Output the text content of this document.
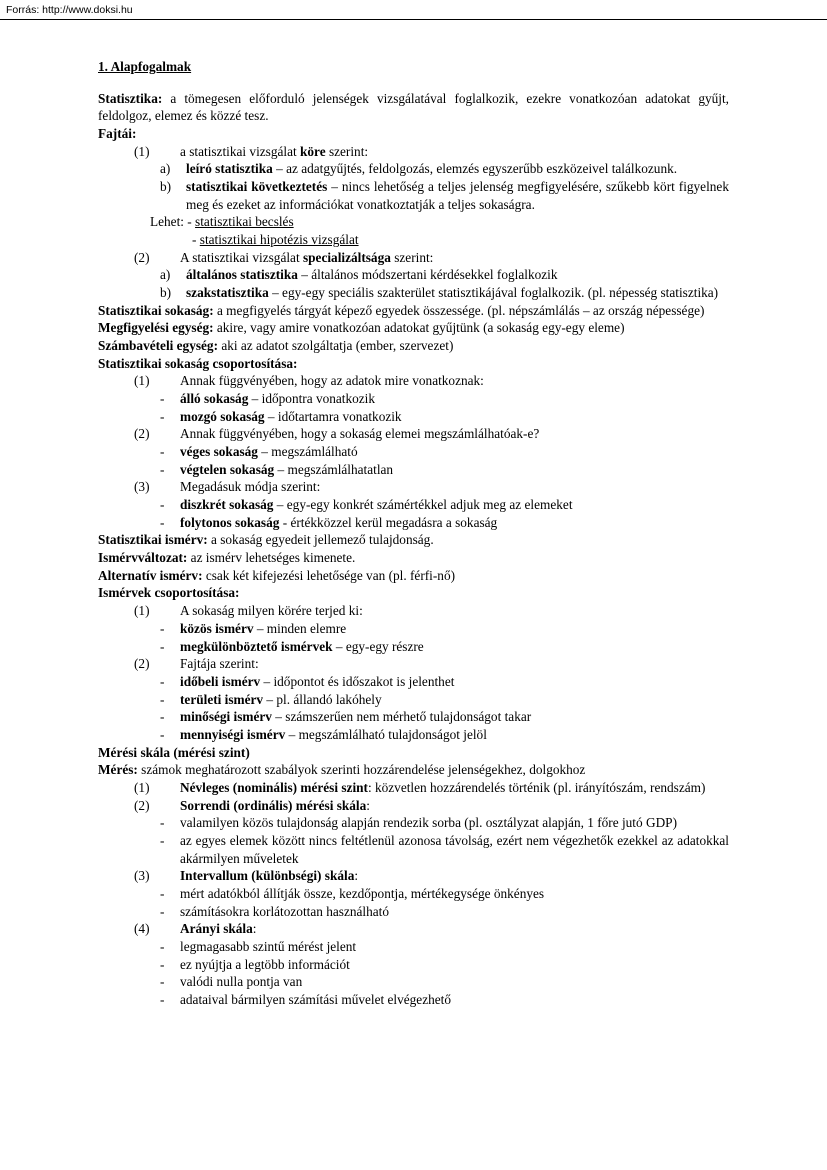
Forrás: http://www.doksi.hu
1. Alapfogalmak

Statisztika: a tömegesen előforduló jelenségek vizsgálatával foglalkozik, ezekre vonatkozóan adatokat gyűjt, feldolgoz, elemez és közzé tesz.

Fajtái:

(1)	a statisztikai vizsgálat köre szerint:
a)	leíró statisztika – az adatgyűjtés, feldolgozás, elemzés egyszerűbb eszközeivel találkozunk.
b)	statisztikai következtetés – nincs lehetőség a teljes jelenség megfigyelésére, szűkebb kört figyelnek meg és ezeket az információkat vonatkoztatják a teljes sokaságra.
Lehet: - statisztikai becslés
- statisztikai hipotézis vizsgálat
(2)	A statisztikai vizsgálat specializáltsága szerint:
a)	általános statisztika – általános módszertani kérdésekkel foglalkozik
b)	szakstatisztika – egy-egy speciális szakterület statisztikájával foglalkozik. (pl. népesség statisztika)

Statisztikai sokaság: a megfigyelés tárgyát képező egyedek összessége. (pl. népszámlálás – az ország népessége)

Megfigyelési egység: akire, vagy amire vonatkozóan adatokat gyűjtünk (a sokaság egy-egy eleme)

Számbavételi egység: aki az adatot szolgáltatja (ember, szervezet)

Statisztikai sokaság csoportosítása:

(1)	Annak függvényében, hogy az adatok mire vonatkoznak:
-	álló sokaság – időpontra vonatkozik
-	mozgó sokaság – időtartamra vonatkozik
(2)	Annak függvényében, hogy a sokaság elemei megszámlálhatóak-e?
-	véges sokaság – megszámlálható
-	végtelen sokaság – megszámlálhatatlan
(3)	Megadásuk módja szerint:
-	diszkrét sokaság – egy-egy konkrét számértékkel adjuk meg az elemeket
-	folytonos sokaság - értékközzel kerül megadásra a sokaság

Statisztikai ismérv: a sokaság egyedeit jellemező tulajdonság.

Ismérvváltozat: az ismérv lehetséges kimenete.

Alternatív ismérv: csak két kifejezési lehetősége van (pl. férfi-nő)

Ismérvek csoportosítása:

(1)	A sokaság milyen körére terjed ki:
-	közös ismérv – minden elemre
-	megkülönböztető ismérvek – egy-egy részre
(2)	Fajtája szerint:
-	időbeli ismérv – időpontot és időszakot is jelenthet
-	területi ismérv – pl. állandó lakóhely
-	minőségi ismérv – számszerűen nem mérhető tulajdonságot takar
-	mennyiségi ismérv – megszámlálható tulajdonságot jelöl

Mérési skála (mérési szint)

Mérés: számok meghatározott szabályok szerinti hozzárendelése jelenségekhez, dolgokhoz

(1)	Névleges (nominális) mérési szint: közvetlen hozzárendelés történik (pl. irányítószám, rendszám)
(2)	Sorrendi (ordinális) mérési skála:
-	valamilyen közös tulajdonság alapján rendezik sorba (pl. osztályzat alapján, 1 főre jutó GDP)
-	az egyes elemek között nincs feltétlenül azonosa távolság, ezért nem végezhetők ezekkel az adatokkal akármilyen műveletek
(3)	Intervallum (különbségi) skála:
-	mért adatókból állítják össze, kezdőpontja, mértékegysége önkényes
-	számításokra korlátozottan használható
(4)	Arányi skála:
-	legmagasabb szintű mérést jelent
-	ez nyújtja a legtöbb információt
-	valódi nulla pontja van
-	adataival bármilyen számítási művelet elvégezhető
